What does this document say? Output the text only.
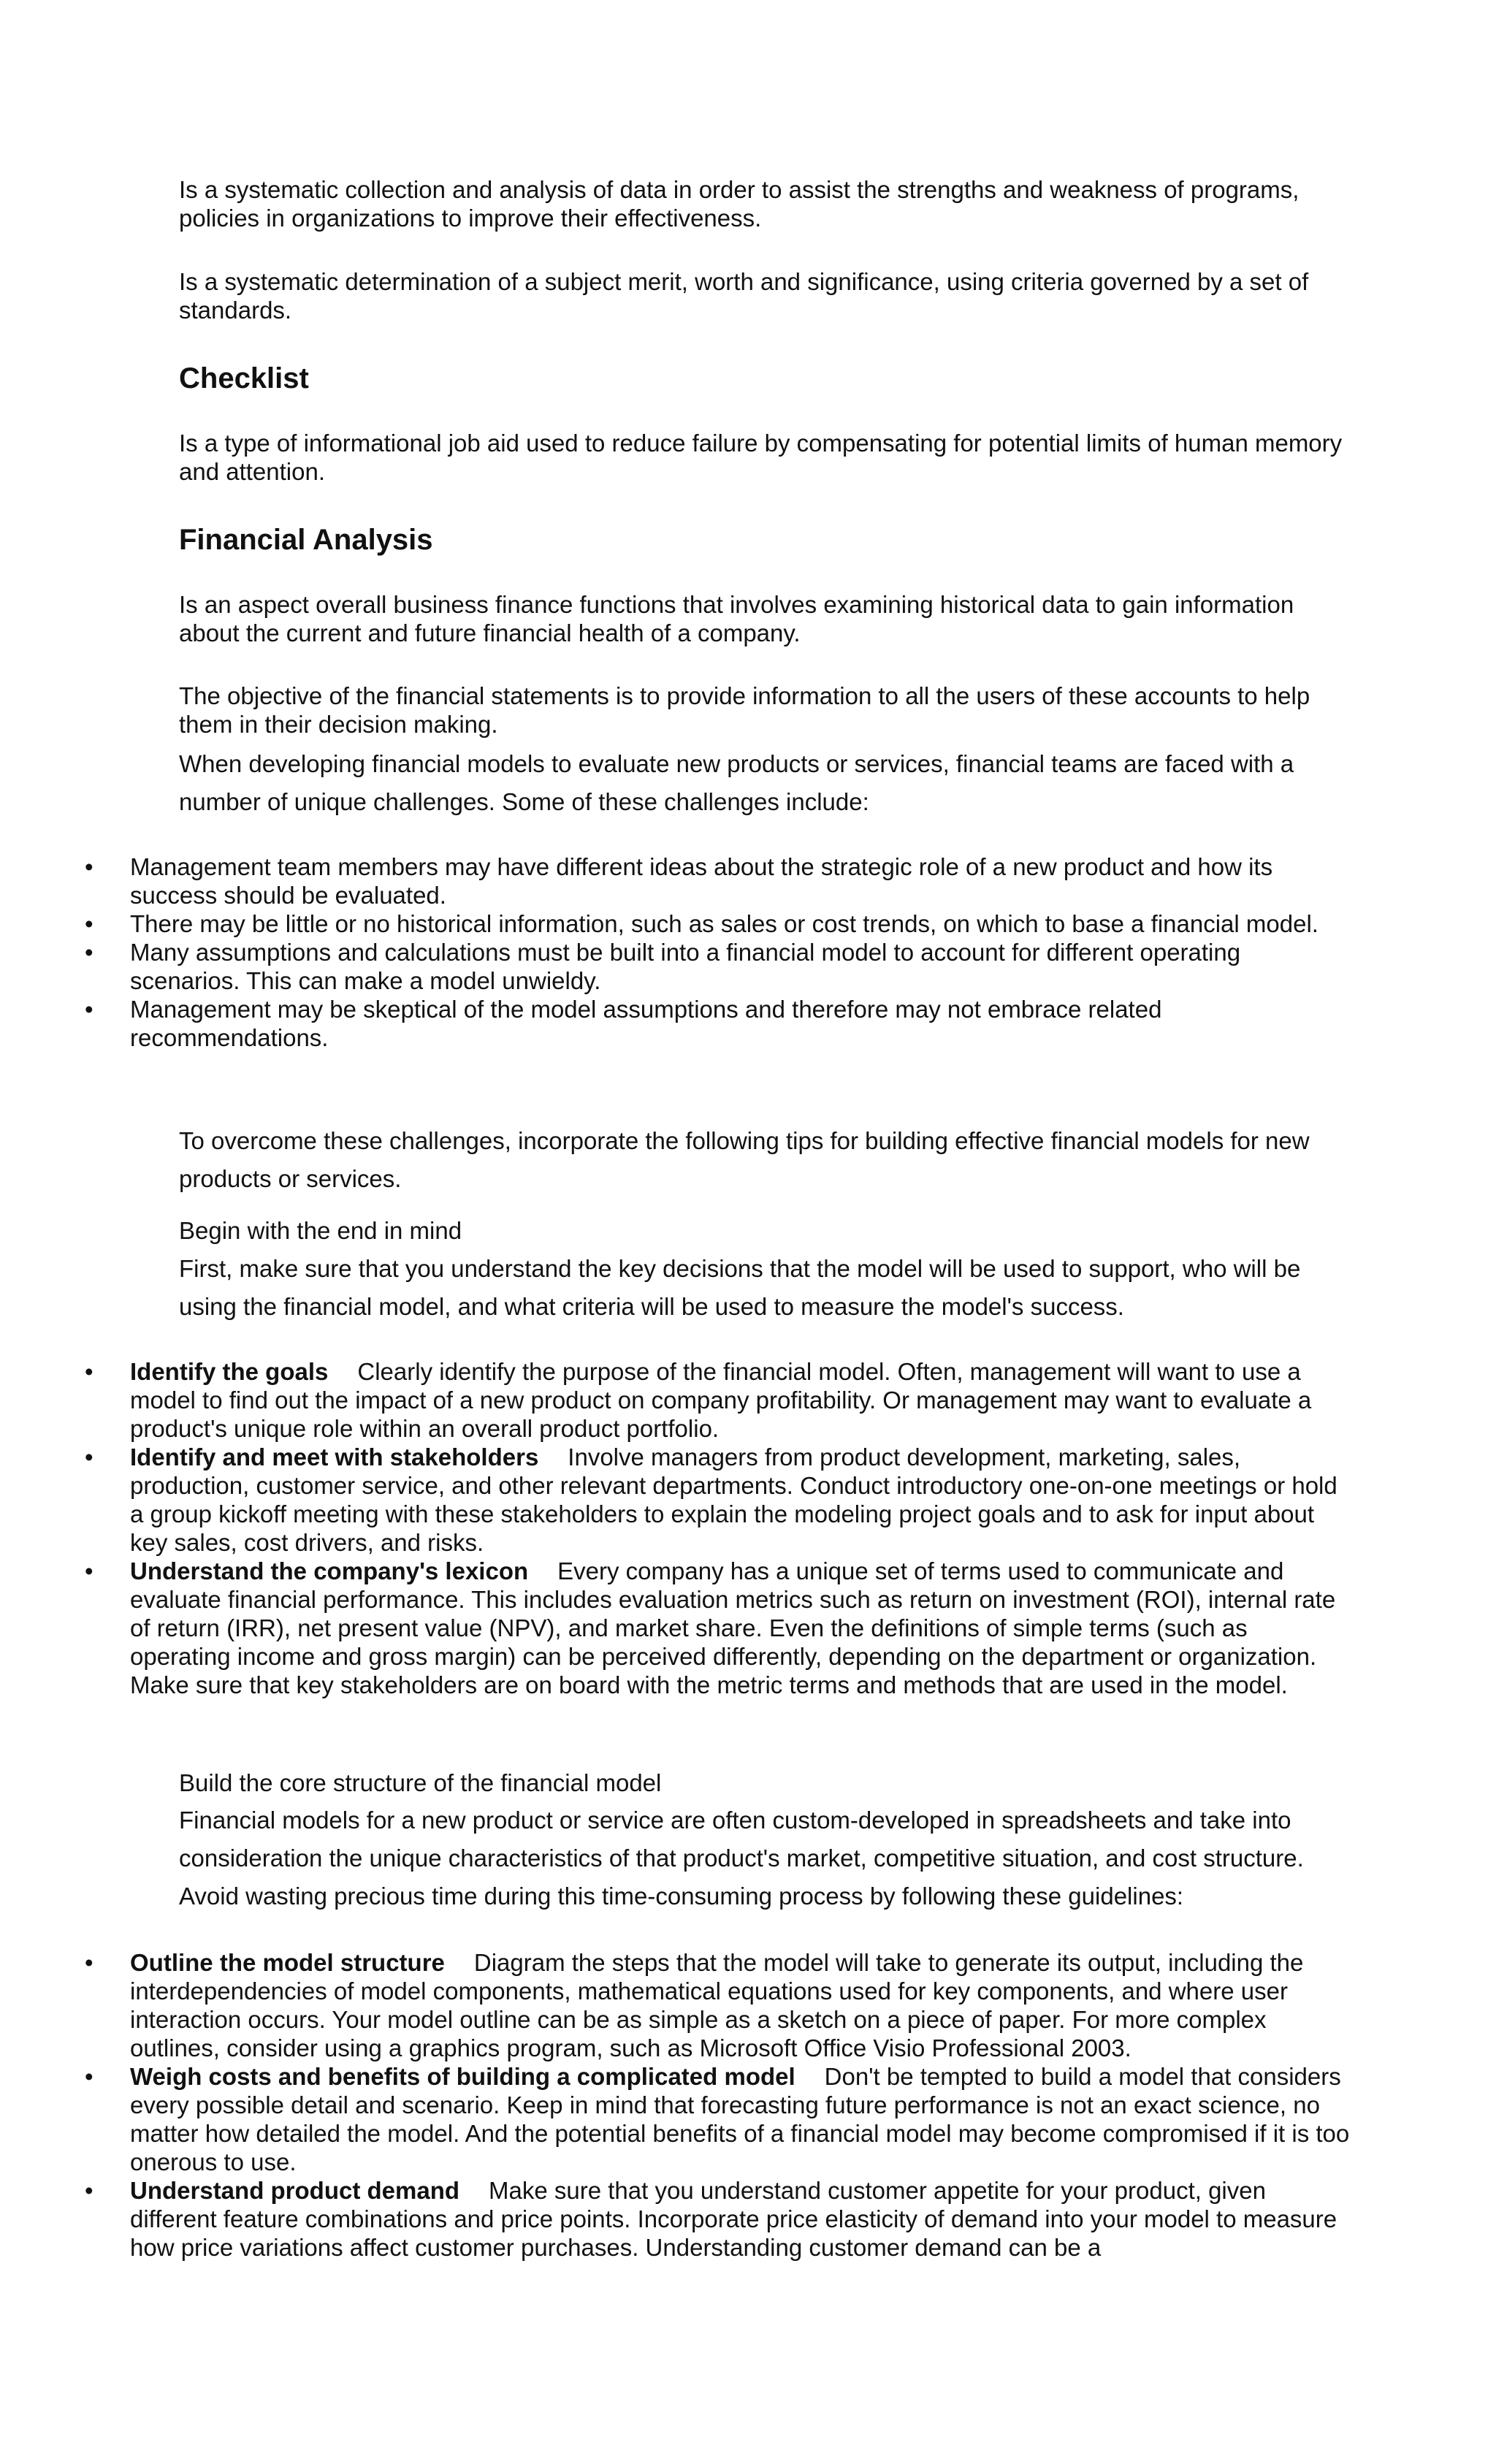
Is a systematic collection and analysis of data in order to assist the strengths and weakness of programs, policies in organizations to improve their effectiveness.

Is a systematic determination of a subject merit, worth and significance, using criteria governed by a set of standards.

Checklist

Is a type of informational job aid used to reduce failure by compensating for potential limits of human memory and attention.

Financial Analysis

Is an aspect overall business finance functions that involves examining historical data to gain information about the current and future financial health of a company.

The objective of the financial statements is to provide information to all the users of these accounts to help them in their decision making.

When developing financial models to evaluate new products or services, financial teams are faced with a number of unique challenges. Some of these challenges include:

• Management team members may have different ideas about the strategic role of a new product and how its success should be evaluated.
• There may be little or no historical information, such as sales or cost trends, on which to base a financial model.
• Many assumptions and calculations must be built into a financial model to account for different operating scenarios. This can make a model unwieldy.
• Management may be skeptical of the model assumptions and therefore may not embrace related recommendations.

To overcome these challenges, incorporate the following tips for building effective financial models for new products or services.

Begin with the end in mind

First, make sure that you understand the key decisions that the model will be used to support, who will be using the financial model, and what criteria will be used to measure the model's success.

• Identify the goals Clearly identify the purpose of the financial model. Often, management will want to use a model to find out the impact of a new product on company profitability. Or management may want to evaluate a product's unique role within an overall product portfolio.
• Identify and meet with stakeholders Involve managers from product development, marketing, sales, production, customer service, and other relevant departments. Conduct introductory one-on-one meetings or hold a group kickoff meeting with these stakeholders to explain the modeling project goals and to ask for input about key sales, cost drivers, and risks.
• Understand the company's lexicon Every company has a unique set of terms used to communicate and evaluate financial performance. This includes evaluation metrics such as return on investment (ROI), internal rate of return (IRR), net present value (NPV), and market share. Even the definitions of simple terms (such as operating income and gross margin) can be perceived differently, depending on the department or organization. Make sure that key stakeholders are on board with the metric terms and methods that are used in the model.

Build the core structure of the financial model

Financial models for a new product or service are often custom-developed in spreadsheets and take into consideration the unique characteristics of that product's market, competitive situation, and cost structure. Avoid wasting precious time during this time-consuming process by following these guidelines:

• Outline the model structure Diagram the steps that the model will take to generate its output, including the interdependencies of model components, mathematical equations used for key components, and where user interaction occurs. Your model outline can be as simple as a sketch on a piece of paper. For more complex outlines, consider using a graphics program, such as Microsoft Office Visio Professional 2003.
• Weigh costs and benefits of building a complicated model Don't be tempted to build a model that considers every possible detail and scenario. Keep in mind that forecasting future performance is not an exact science, no matter how detailed the model. And the potential benefits of a financial model may become compromised if it is too onerous to use.
• Understand product demand Make sure that you understand customer appetite for your product, given different feature combinations and price points. Incorporate price elasticity of demand into your model to measure how price variations affect customer purchases. Understanding customer demand can be a
